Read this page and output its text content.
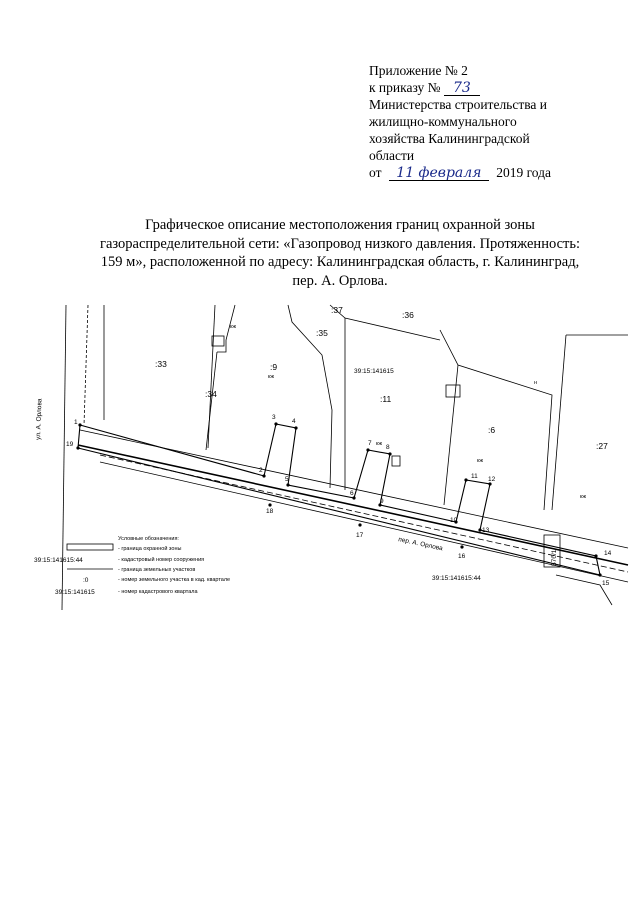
Приложение № 2
к приказу № 73
Министерства строительства и
жилищно-коммунального
хозяйства Калининградской
области
от 11 февраля 2019 года
Графическое описание местоположения границ охранной зоны
газораспределительной сети: «Газопровод низкого давления. Протяженность:
159 м», расположенной по адресу: Калининградская область, г. Калининград,
пер. А. Орлова.
1
2
3
4
5
6
7
8
9
10
11 12
13
14
15
16
17
18
19
:33
:34
:9
:35
:37	:36
:11
:6
:27
39:15:141615
39:15:141615:44
кж
кж
кж
кж
кж
н
пер. А. Орлова
ул. А. Орлова
57б/1
Условные обозначения:
- граница охранной зоны
39:15:141615:44	- кадастровый номер сооружения
- граница земельных участков
:0	- номер земельного участка в кад. квартале
39:15:141615	- номер кадастрового квартала
